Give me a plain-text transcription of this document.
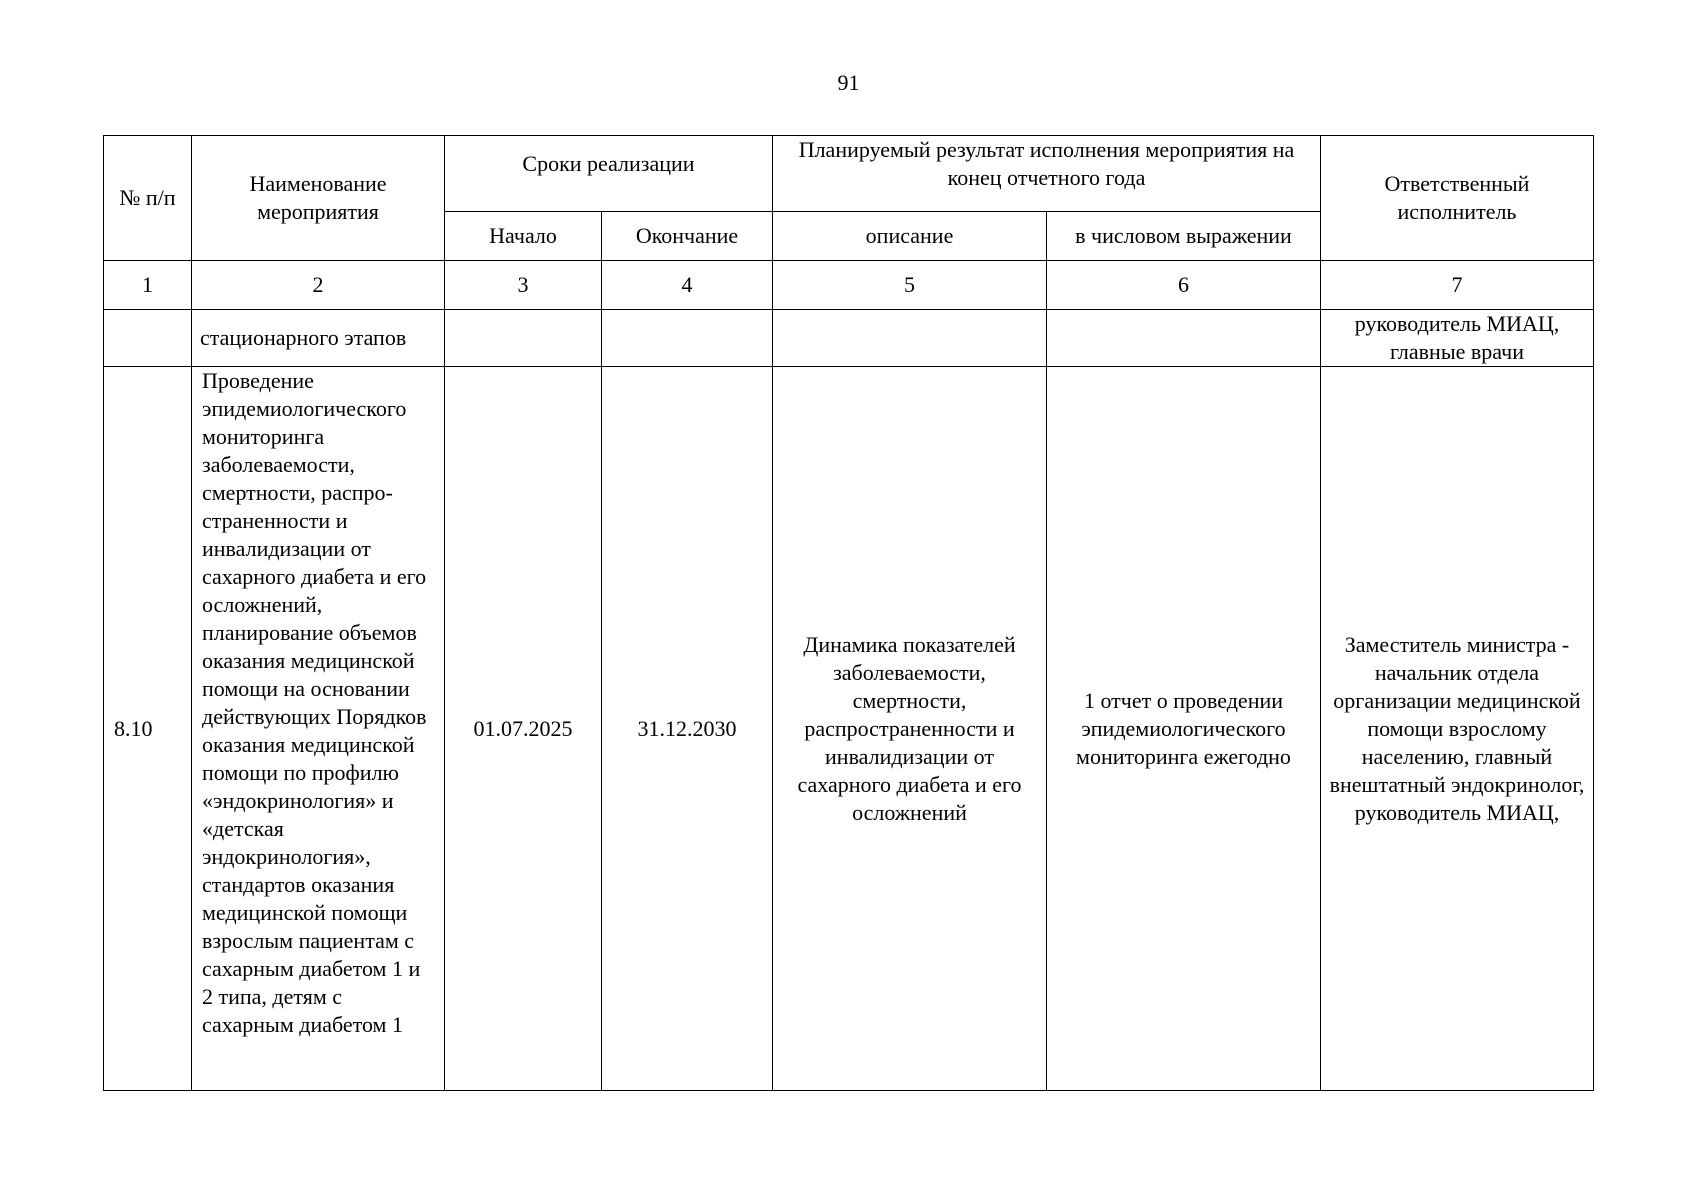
91
№ п/п	Наименование мероприятия	Сроки реализации		Планируемый результат исполнения мероприятия на конец отчетного года		Ответственный исполнитель
		Начало	Окончание	описание	в числовом выражении	
1	2	3	4	5	6	7
	стационарного этапов					руководитель МИАЦ, главные врачи
8.10	Проведение эпидемиологического мониторинга заболеваемости, смертности, распро-страненности и инвалидизации от сахарного диабета и его осложнений, планирование объемов оказания медицинской помощи на основании действующих Порядков оказания медицинской помощи по профилю «эндокринология» и «детская эндокринология», стандартов оказания медицинской помощи взрослым пациентам с сахарным диабетом 1 и 2 типа, детям с сахарным диабетом 1	01.07.2025	31.12.2030	Динамика показателей заболеваемости, смертности, распространенности и инвалидизации от сахарного диабета и его осложнений	1 отчет о проведении эпидемиологического мониторинга ежегодно	Заместитель министра - начальник отдела организации медицинской помощи взрослому населению, главный внештатный эндокринолог, руководитель МИАЦ,
